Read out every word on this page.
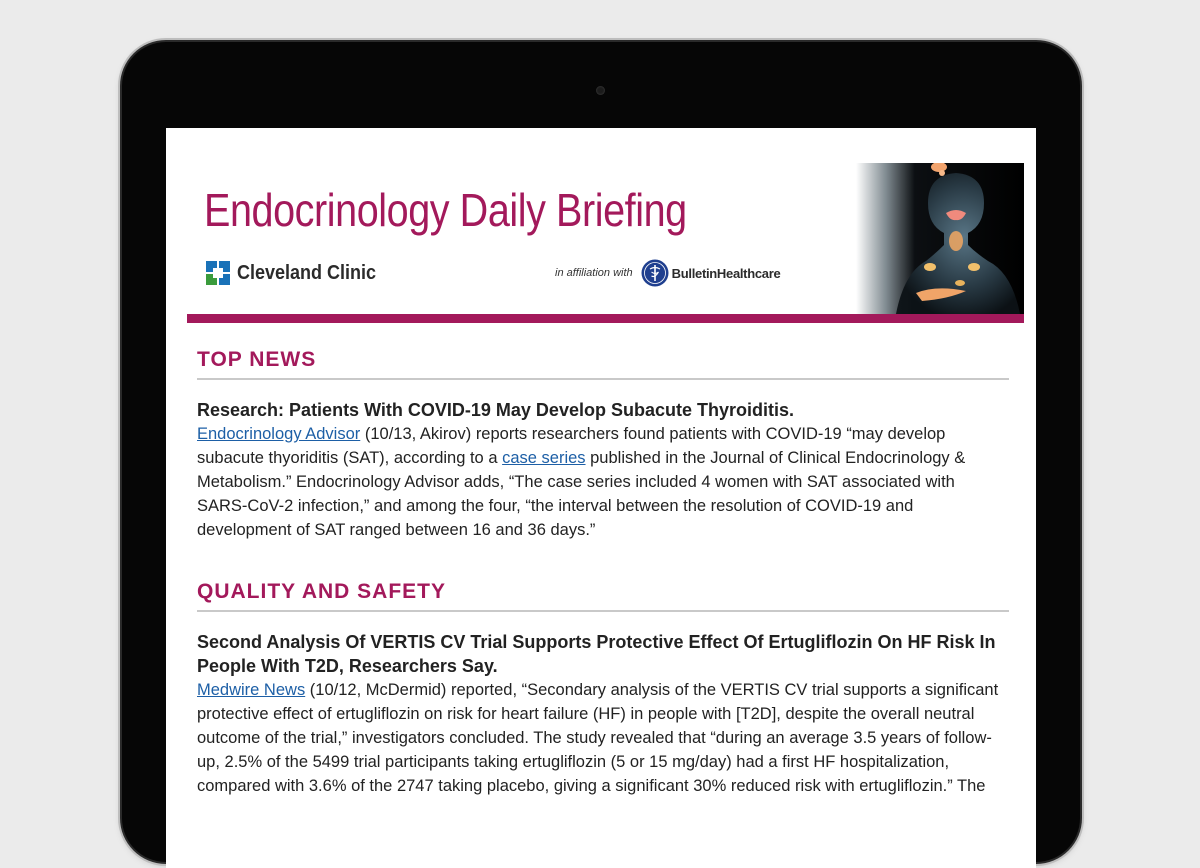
Endocrinology Daily Briefing
Cleveland Clinic	in affiliation with	BulletinHealthcare
TOP NEWS
Research: Patients With COVID-19 May Develop Subacute Thyroiditis.

Endocrinology Advisor (10/13, Akirov) reports researchers found patients with COVID-19 “may develop subacute thyoriditis (SAT), according to a case series published in the Journal of Clinical Endocrinology & Metabolism.” Endocrinology Advisor adds, “The case series included 4 women with SAT associated with SARS-CoV-2 infection,” and among the four, “the interval between the resolution of COVID-19 and development of SAT ranged between 16 and 36 days.”

QUALITY AND SAFETY
Second Analysis Of VERTIS CV Trial Supports Protective Effect Of Ertugliflozin On HF Risk In People With T2D, Researchers Say.

Medwire News (10/12, McDermid) reported, “Secondary analysis of the VERTIS CV trial supports a significant protective effect of ertugliflozin on risk for heart failure (HF) in people with [T2D], despite the overall neutral outcome of the trial,” investigators concluded. The study revealed that “during an average 3.5 years of follow-up, 2.5% of the 5499 trial participants taking ertugliflozin (5 or 15 mg/day) had a first HF hospitalization, compared with 3.6% of the 2747 taking placebo, giving a significant 30% reduced risk with ertugliflozin.” The
